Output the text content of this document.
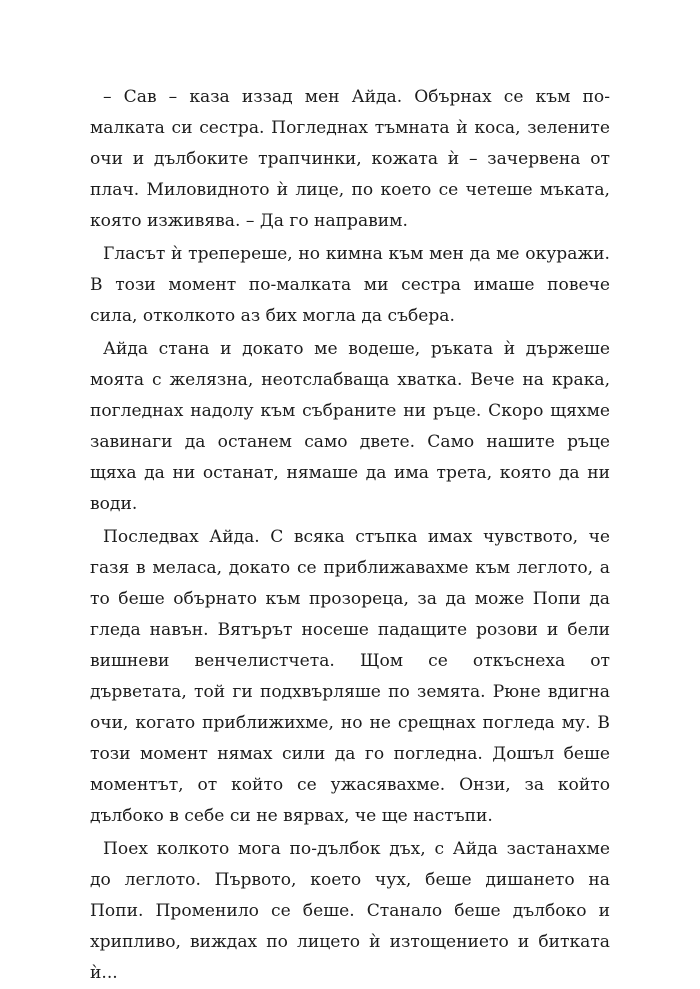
– Сав – каза иззад мен Айда. Обърнах се към по-малката си сестра. Погледнах тъмната ѝ коса, зелените очи и дълбоките трапчинки, кожата ѝ – зачервена от плач. Миловидното ѝ лице, по което се четеше мъката, която изживява. – Да го направим.

Гласът ѝ трепереше, но кимна към мен да ме окуражи. В този момент по-малката ми сестра имаше повече сила, отколкото аз бих могла да събера.

Айда стана и докато ме водеше, ръката ѝ държеше моята с желязна, неотслабваща хватка. Вече на крака, погледнах надолу към събраните ни ръце. Скоро щяхме завинаги да останем само двете. Само нашите ръце щяха да ни останат, нямаше да има трета, която да ни води.

Последвах Айда. С всяка стъпка имах чувството, че газя в меласа, докато се приближавахме към леглото, а то беше обърнато към прозореца, за да може Попи да гледа навън. Вятърът носеше падащите розови и бели вишневи венчелистчета. Щом се откъснеха от дърветата, той ги подхвърляше по земята. Рюне вдигна очи, когато приближихме, но не срещнах погледа му. В този момент нямах сили да го погледна. Дошъл беше моментът, от който се ужасявахме. Онзи, за който дълбоко в себе си не вярвах, че ще настъпи.

Поех колкото мога по-дълбок дъх, с Айда застанахме до леглото. Първото, което чух, беше дишането на Попи. Променило се беше. Станало беше дълбоко и хрипливо, виждах по лицето ѝ изтощението и битката ѝ...
